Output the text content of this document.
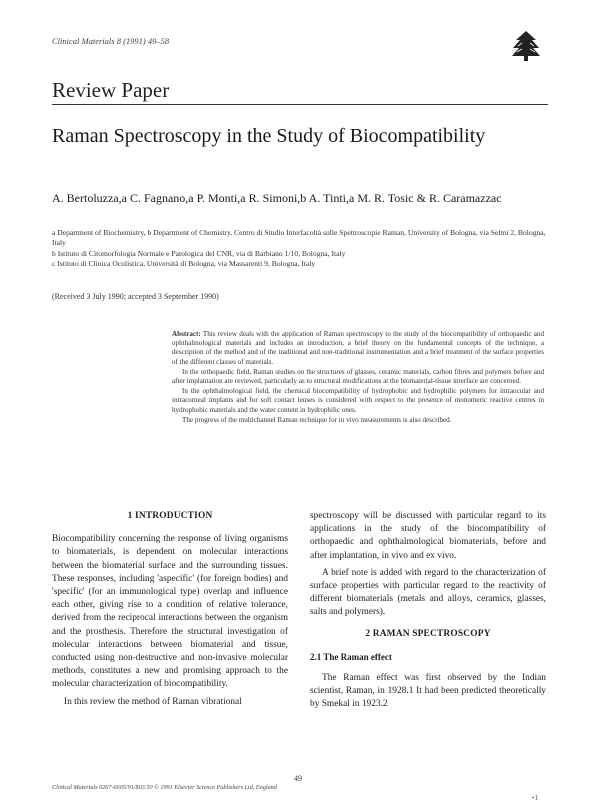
Clinical Materials 8 (1991) 49–58
Review Paper
Raman Spectroscopy in the Study of Biocompatibility
A. Bertoluzza,a C. Fagnano,a P. Monti,a R. Simoni,b A. Tinti,a M. R. Tosic & R. Caramazzac

a Department of Biochemistry, b Department of Chemistry, Centro di Studio Interfacoltà sulle Spettroscopie Raman, University of Bologna, via Selmi 2, Bologna, Italy

b Istituto di Citomorfologia Normale e Patologica del CNR, via di Barbiano 1/10, Bologna, Italy

c Istituto di Clinica Oculistica, Università di Bologna, via Massarenti 9, Bologna, Italy

(Received 3 July 1990; accepted 3 September 1990)

Abstract: This review deals with the application of Raman spectroscopy to the study of the biocompatibility of orthopaedic and ophthalmological materials and includes an introduction, a brief theory on the fundamental concepts of the technique, a description of the method and of the traditional and non-traditional instrumentation and a brief treatment of the surface properties of the different classes of materials.

In the orthopaedic field, Raman studies on the structures of glasses, ceramic materials, carbon fibres and polymers before and after implantation are reviewed, particularly as to structural modifications at the biomaterial-tissue interface are concerned.

In the ophthalmological field, the chemical biocompatibility of hydrophobic and hydrophilic polymers for intraocular and intracorneal implants and for soft contact lenses is considered with respect to the presence of monomeric reactive centres in hydrophobic materials and the water content in hydrophilic ones.

The progress of the multichannel Raman technique for in vivo measurements is also described.

1 INTRODUCTION

Biocompatibility concerning the response of living organisms to biomaterials, is dependent on molecular interactions between the biomaterial surface and the surrounding tissues. These responses, including 'aspecific' (for foreign bodies) and 'specific' (for an immunological type) overlap and influence each other, giving rise to a condition of relative tolerance, derived from the reciprocal interactions between the organism and the prosthesis. Therefore the structural investigation of molecular interactions between biomaterial and tissue, conducted using non-destructive and non-invasive molecular methods, constitutes a new and promising approach to the molecular characterization of biocompatibility.

In this review the method of Raman vibrational

spectroscopy will be discussed with particular regard to its applications in the study of the biocompatibility of orthopaedic and ophthalmological biomaterials, before and after implantation, in vivo and ex vivo.

A brief note is added with regard to the characterization of surface properties with particular regard to the reactivity of different biomaterials (metals and alloys, ceramics, glasses, salts and polymers).

2 RAMAN SPECTROSCOPY
2.1 The Raman effect

The Raman effect was first observed by the Indian scientist, Raman, in 1928.1 It had been predicted theoretically by Smekal in 1923.2

49
Clinical Materials 0267-6605/91/$03.50 © 1991 Elsevier Science Publishers Ltd, England
•1
